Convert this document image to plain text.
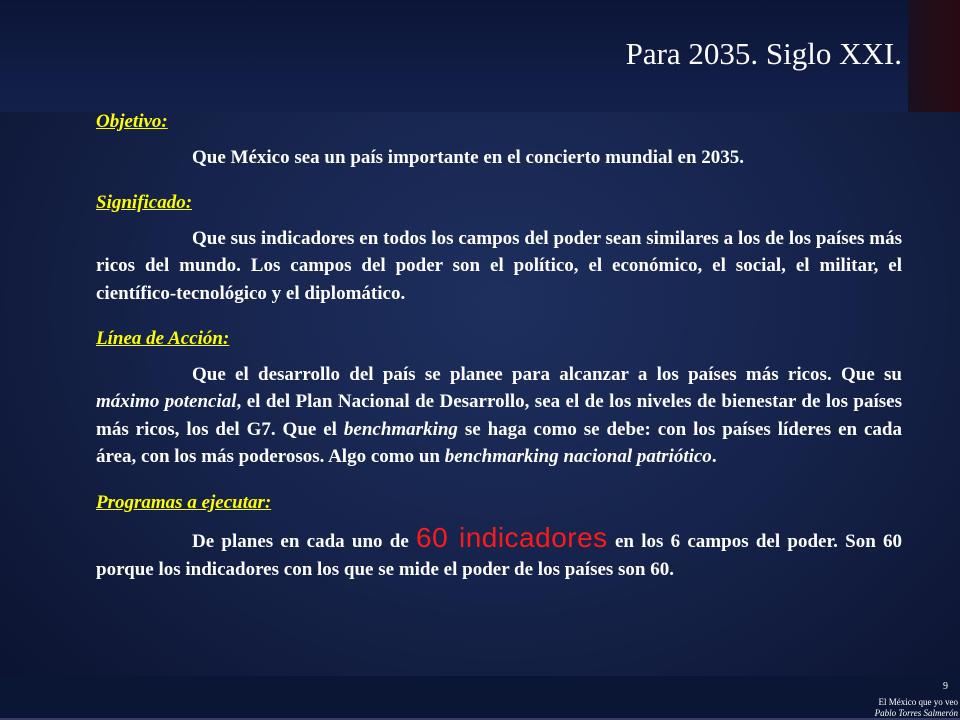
Para 2035. Siglo XXI.
Objetivo:

Que México sea un país importante en el concierto mundial en 2035.

Significado:

Que sus indicadores en todos los campos del poder sean similares a los de los países más ricos del mundo. Los campos del poder son el político, el económico, el social, el militar, el científico-tecnológico y el diplomático.

Línea de Acción:

Que el desarrollo del país se planee para alcanzar a los países más ricos. Que su máximo potencial, el del Plan Nacional de Desarrollo, sea el de los niveles de bienestar de los países más ricos, los del G7. Que el benchmarking se haga como se debe: con los países líderes en cada área, con los más poderosos. Algo como un benchmarking nacional patriótico.

Programas a ejecutar:

De planes en cada uno de 60 indicadores en los 6 campos del poder. Son 60 porque los indicadores con los que se mide el poder de los países son 60.

9
El México que yo veo
Pablo Torres Salmerón
